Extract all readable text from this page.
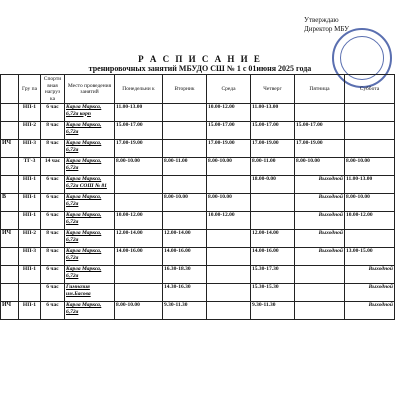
Утверждаю
Директор МБУ
Р А С П И С А Н И Е
тренировочных занятий МБУДО СШ № 1 с 01июня 2025 года
	Гру пa	Спорти вная нагруз ка	Место проведения занятий	Понедельни к	Вторник	Среда	Четверг	Пятница	Суббота
	НП-1	6 час	Карла Маркса, 6,72а корп	11.00-13.00		10.00-12.00	11.00-13.00		
	НП-2	8 час	Карла Маркса, 6,72а	15.00-17.00		15.00-17.00	15.00-17.00	15.00-17.00	
ИЧ	НП-3	8 час	Карла Маркса, 6,72а	17.00-19.00		17.00-19.00	17.00-19.00	17.00-19.00	
	ТГ-3	14 час	Карла Маркса, 6,72а	8.00-10.00	8.00-11.00	8.00-10.00	8.00-11.00	8.00-10.00	8.00-10.00
	НП-1	6 час	Карла Маркса, 6,72а СОШ № 81				18.00-0.00	Выходной	11.00-13.00
В	НП-1	6 час	Карла Маркса, 6,72а		8.00-10.00	8.00-10.00		Выходной	8.00-10.00
	НП-1	6 час	Карла Маркса, 6,72а	10.00-12.00		10.00-12.00		Выходной	10.00-12.00
ИЧ	НП-2	8 час	Карла Маркса, 6,72а	12.00-14.00	12.00-14.00		12.00-14.00	Выходной	
	НП-3	8 час	Карла Маркса, 6,72а	14.00-16.00	14.00-16.00		14.00-16.00	Выходной	13.00-15.00
	НП-1	6 час	Карла Маркса, 6,72а		16.30-18.30		15.30-17.30		Выходной
		6 час	Гимназия им.Басова		14.30-16.30		15.30-15.30		Выходной
ИЧ	НП-1	6 час	Карла Маркса, 6,72а	8.00-10.00	9.30-11.30		9.30-11.30		Выходной
